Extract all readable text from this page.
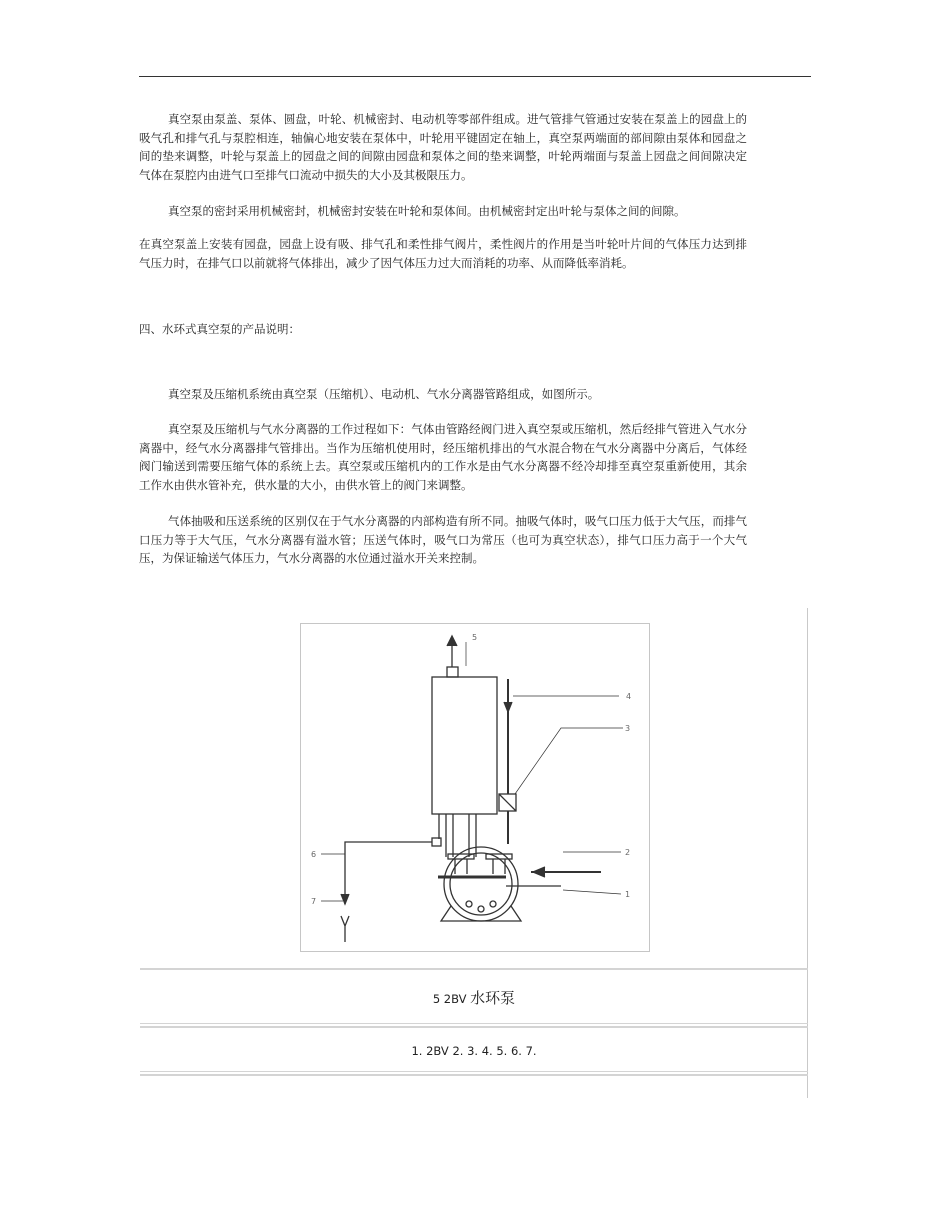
真空泵由泵盖、泵体、圆盘，叶轮、机械密封、电动机等零部件组成。进气管排气管通过安装在泵盖上的园盘上的吸气孔和排气孔与泵腔相连，轴偏心地安装在泵体中，叶轮用平键固定在轴上，真空泵两端面的部间隙由泵体和园盘之间的垫来调整，叶轮与泵盖上的园盘之间的间隙由园盘和泵体之间的垫来调整，叶轮两端面与泵盖上园盘之间间隙决定气体在泵腔内由进气口至排气口流动中损失的大小及其极限压力。

真空泵的密封采用机械密封，机械密封安装在叶轮和泵体间。由机械密封定出叶轮与泵体之间的间隙。

在真空泵盖上安装有园盘，园盘上设有吸、排气孔和柔性排气阀片，柔性阀片的作用是当叶轮叶片间的气体压力达到排气压力时，在排气口以前就将气体排出，减少了因气体压力过大而消耗的功率、从而降低率消耗。

四、水环式真空泵的产品说明：

真空泵及压缩机系统由真空泵（压缩机）、电动机、气水分离器管路组成，如图所示。

真空泵及压缩机与气水分离器的工作过程如下：气体由管路经阀门进入真空泵或压缩机，然后经排气管进入气水分离器中，经气水分离器排气管排出。当作为压缩机使用时，经压缩机排出的气水混合物在气水分离器中分离后，气体经阀门输送到需要压缩气体的系统上去。真空泵或压缩机内的工作水是由气水分离器不经冷却排至真空泵重新使用，其余工作水由供水管补充，供水量的大小，由供水管上的阀门来调整。

气体抽吸和压送系统的区别仅在于气水分离器的内部构造有所不同。抽吸气体时，吸气口压力低于大气压，而排气口压力等于大气压，气水分离器有溢水管；压送气体时，吸气口为常压（也可为真空状态），排气口压力高于一个大气压，为保证输送气体压力，气水分离器的水位通过溢水开关来控制。

5
4
3
2
1
6
7
5 2BV 水环泵
1. 2BV 2. 3. 4. 5. 6. 7.
